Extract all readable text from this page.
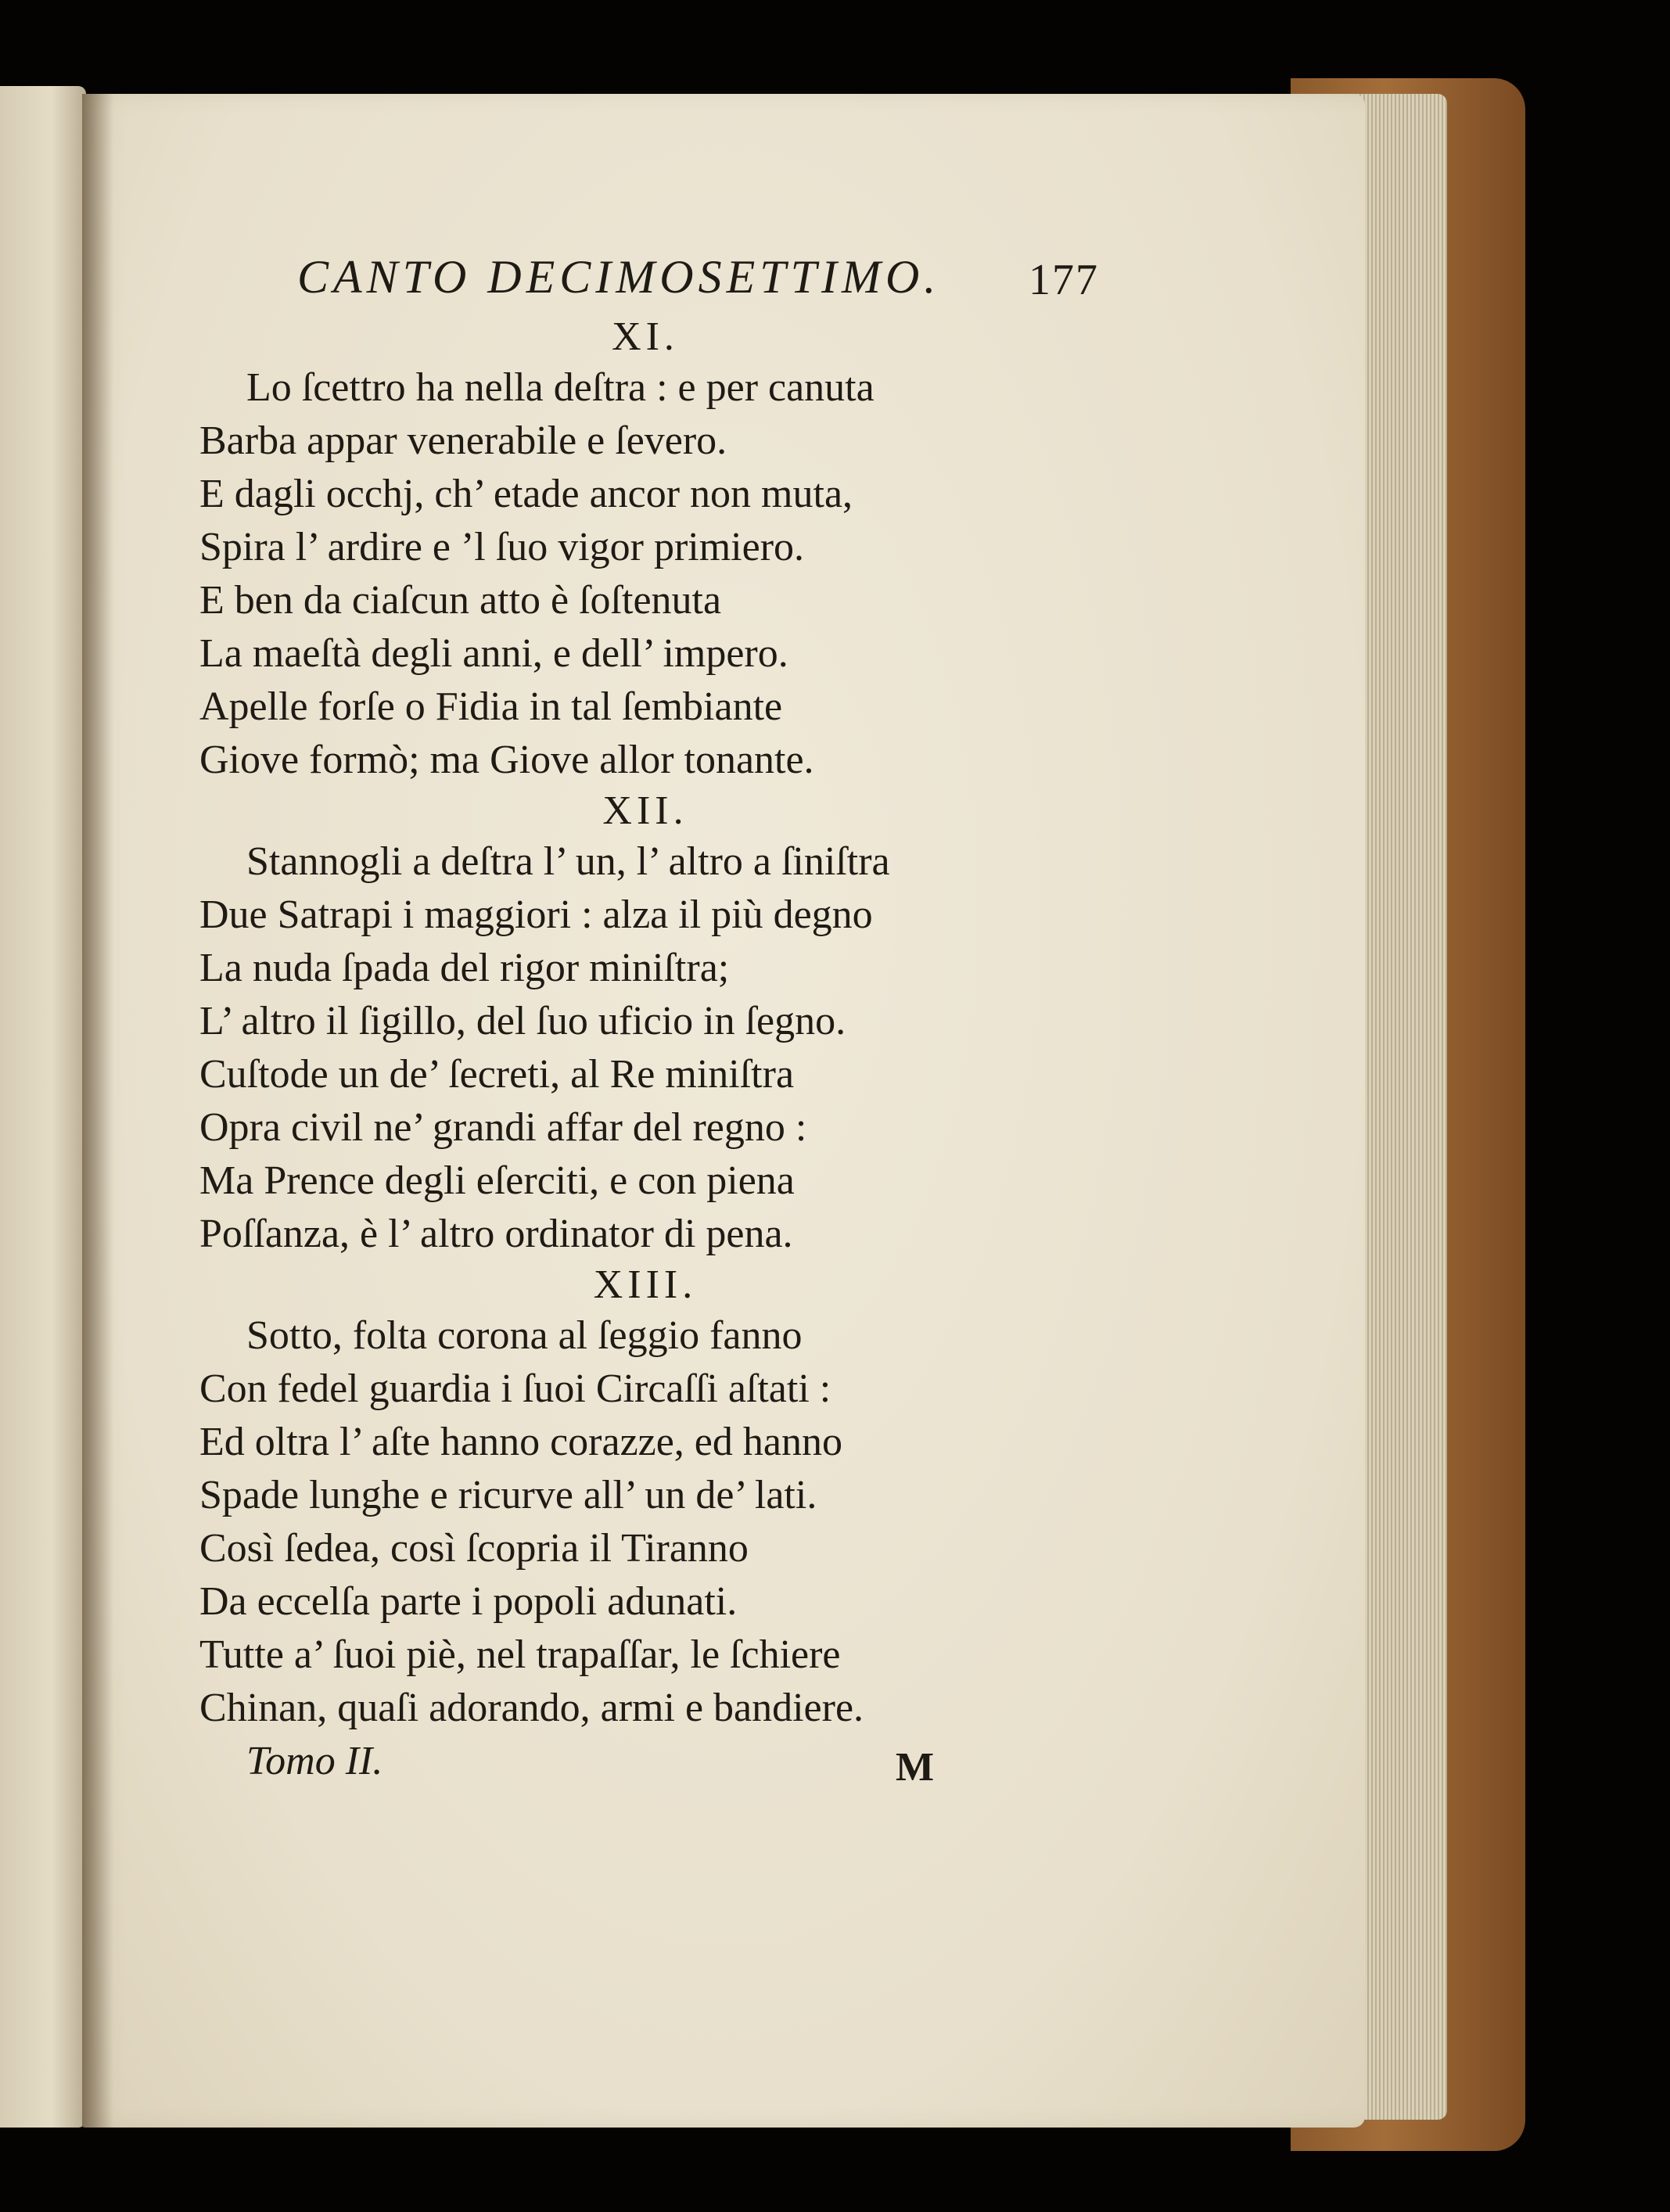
CANTO DECIMOSETTIMO. 177
XI.
Lo ſcettro ha nella deſtra : e per canuta
Barba appar venerabile e ſevero.
E dagli occhj, ch’ etade ancor non muta,
Spira l’ ardire e ’l ſuo vigor primiero.
E ben da ciaſcun atto è ſoſtenuta
La maeſtà degli anni, e dell’ impero.
Apelle forſe o Fidia in tal ſembiante
Giove formò; ma Giove allor tonante.
XII.
Stannogli a deſtra l’ un, l’ altro a ſiniſtra
Due Satrapi i maggiori : alza il più degno
La nuda ſpada del rigor miniſtra;
L’ altro il ſigillo, del ſuo uficio in ſegno.
Cuſtode un de’ ſecreti, al Re miniſtra
Opra civil ne’ grandi affar del regno :
Ma Prence degli eſerciti, e con piena
Poſſanza, è l’ altro ordinator di pena.
XIII.
Sotto, folta corona al ſeggio fanno
Con fedel guardia i ſuoi Circaſſi aſtati :
Ed oltra l’ aſte hanno corazze, ed hanno
Spade lunghe e ricurve all’ un de’ lati.
Così ſedea, così ſcopria il Tiranno
Da eccelſa parte i popoli adunati.
Tutte a’ ſuoi piè, nel trapaſſar, le ſchiere
Chinan, quaſi adorando, armi e bandiere.
Tomo II.	M
